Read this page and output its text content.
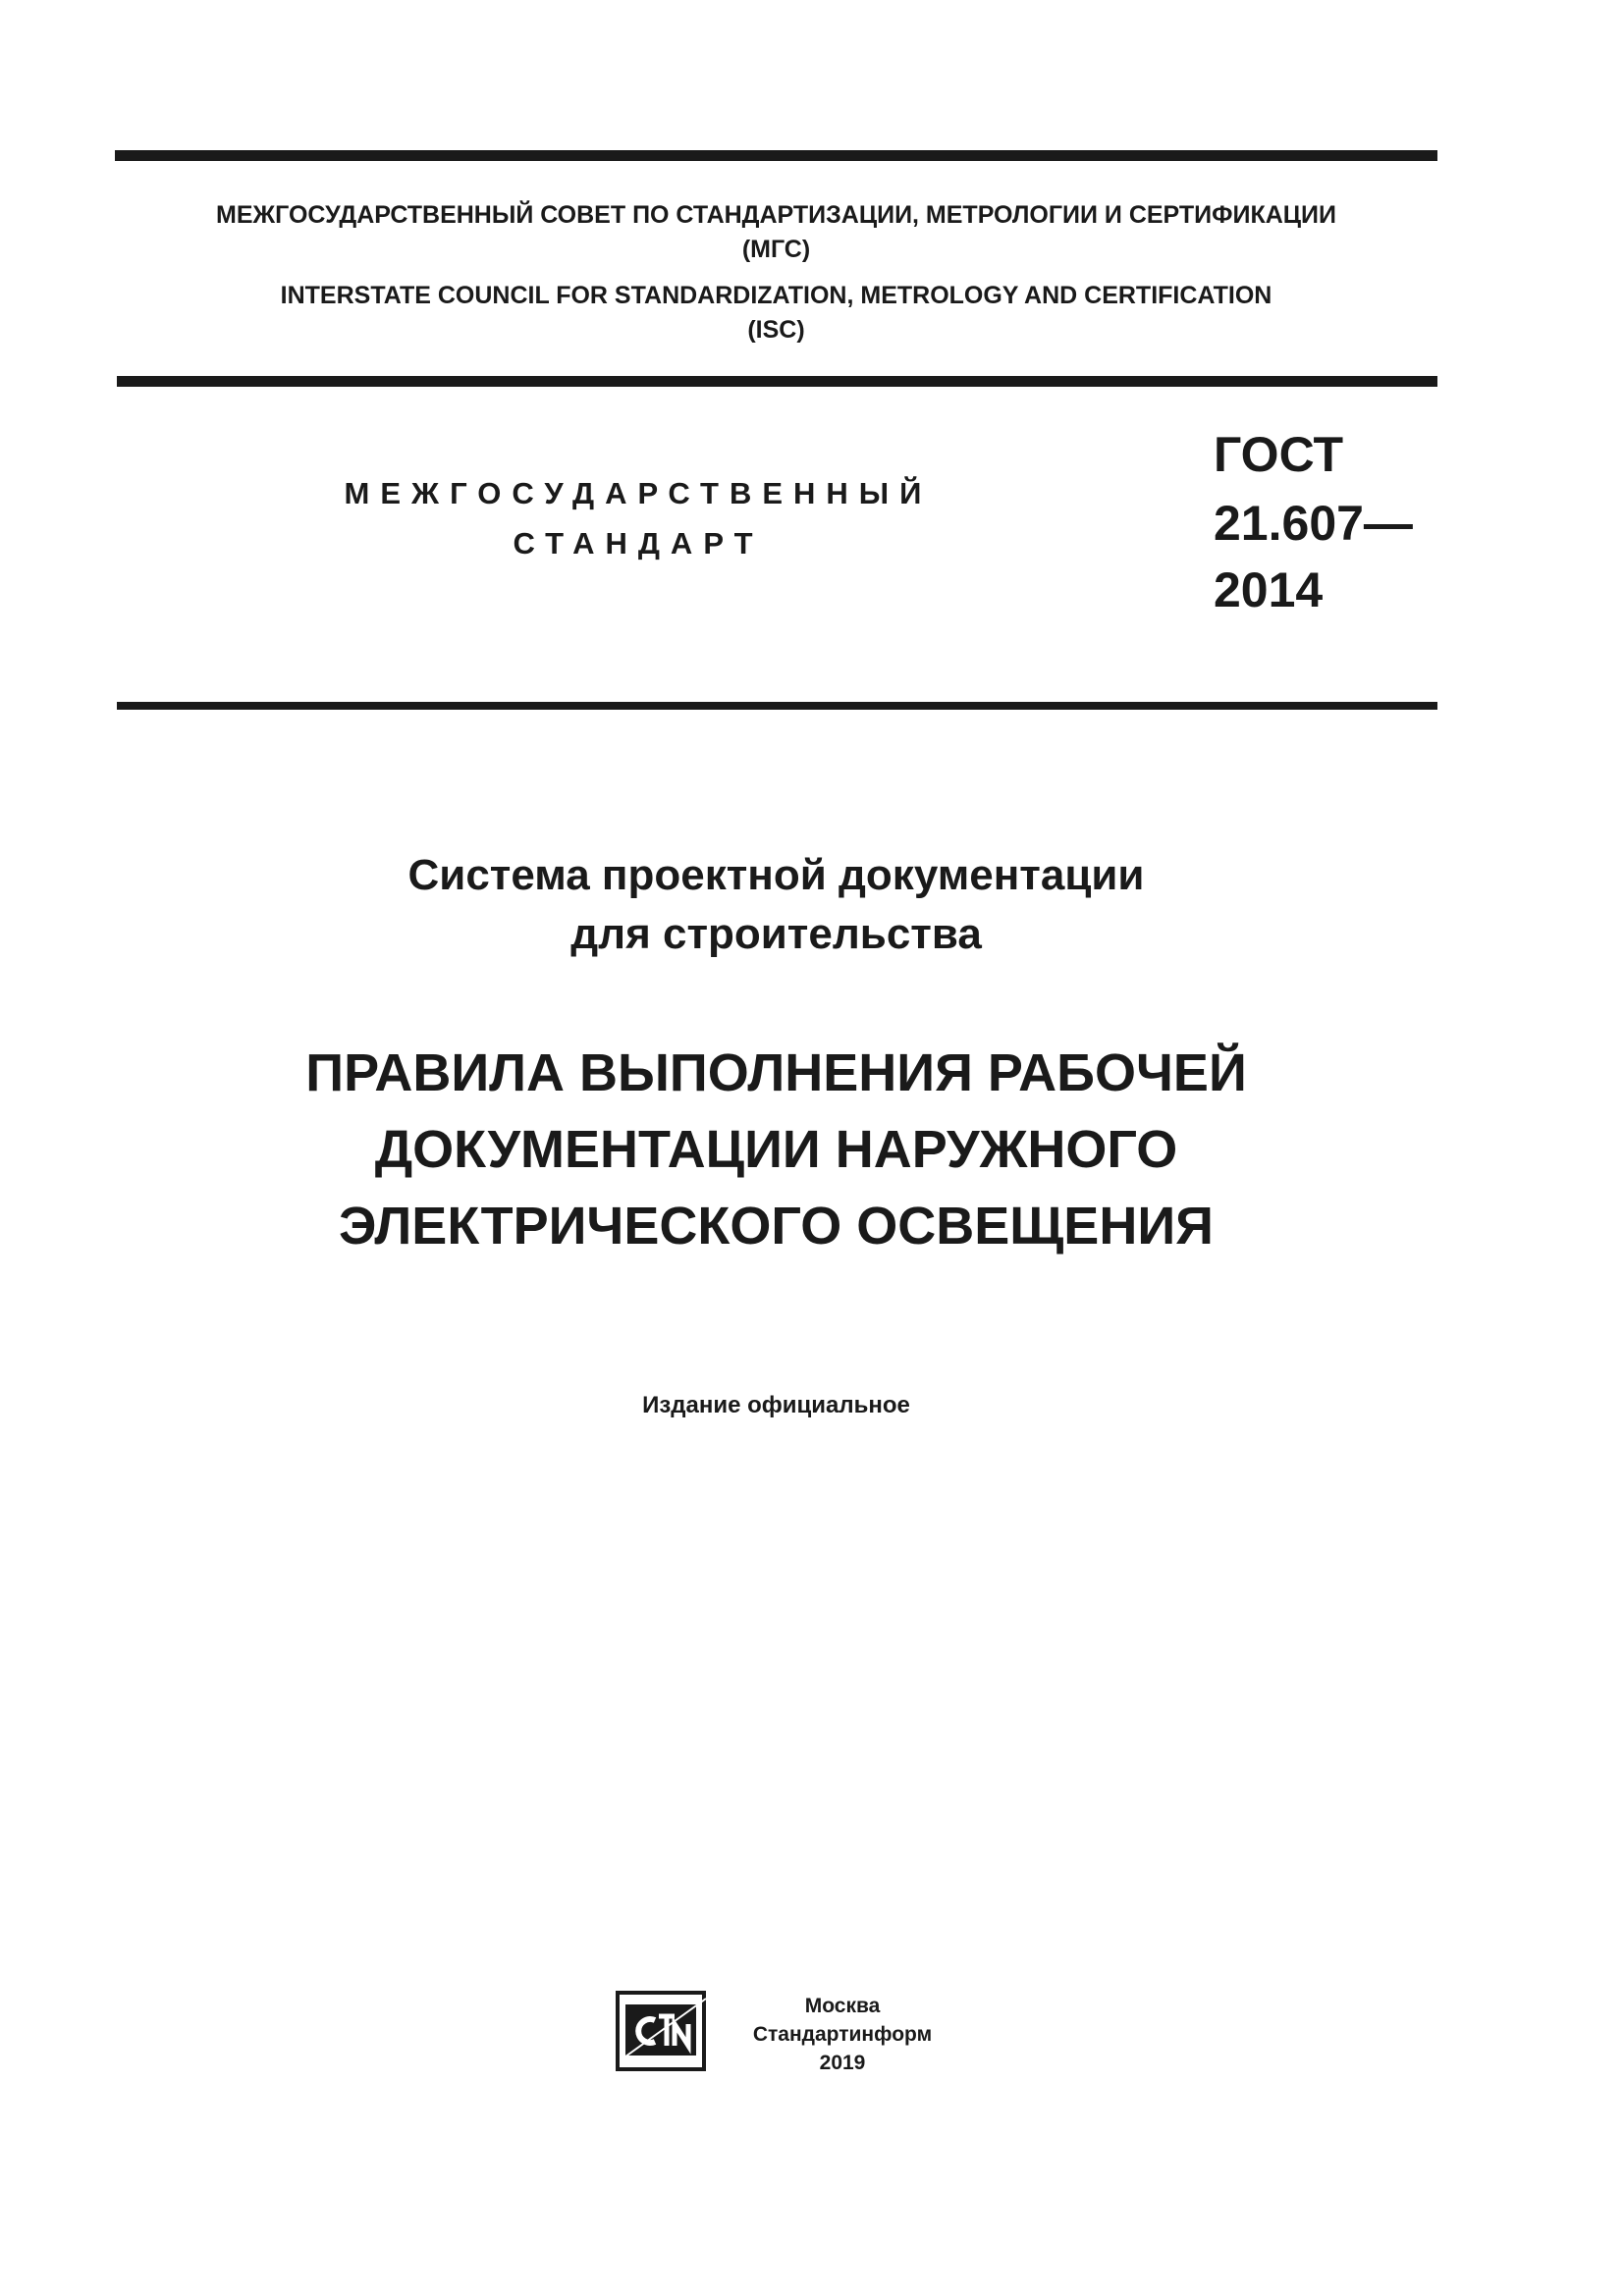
МЕЖГОСУДАРСТВЕННЫЙ СОВЕТ ПО СТАНДАРТИЗАЦИИ, МЕТРОЛОГИИ И СЕРТИФИКАЦИИ
(МГС)
INTERSTATE COUNCIL FOR STANDARDIZATION, METROLOGY AND CERTIFICATION
(ISC)
МЕЖГОСУДАРСТВЕННЫЙ
СТАНДАРТ
ГОСТ
21.607—
2014
Система проектной документации
для строительства
ПРАВИЛА ВЫПОЛНЕНИЯ РАБОЧЕЙ
ДОКУМЕНТАЦИИ НАРУЖНОГО
ЭЛЕКТРИЧЕСКОГО ОСВЕЩЕНИЯ
Издание официальное
Москва
Стандартинформ
2019
